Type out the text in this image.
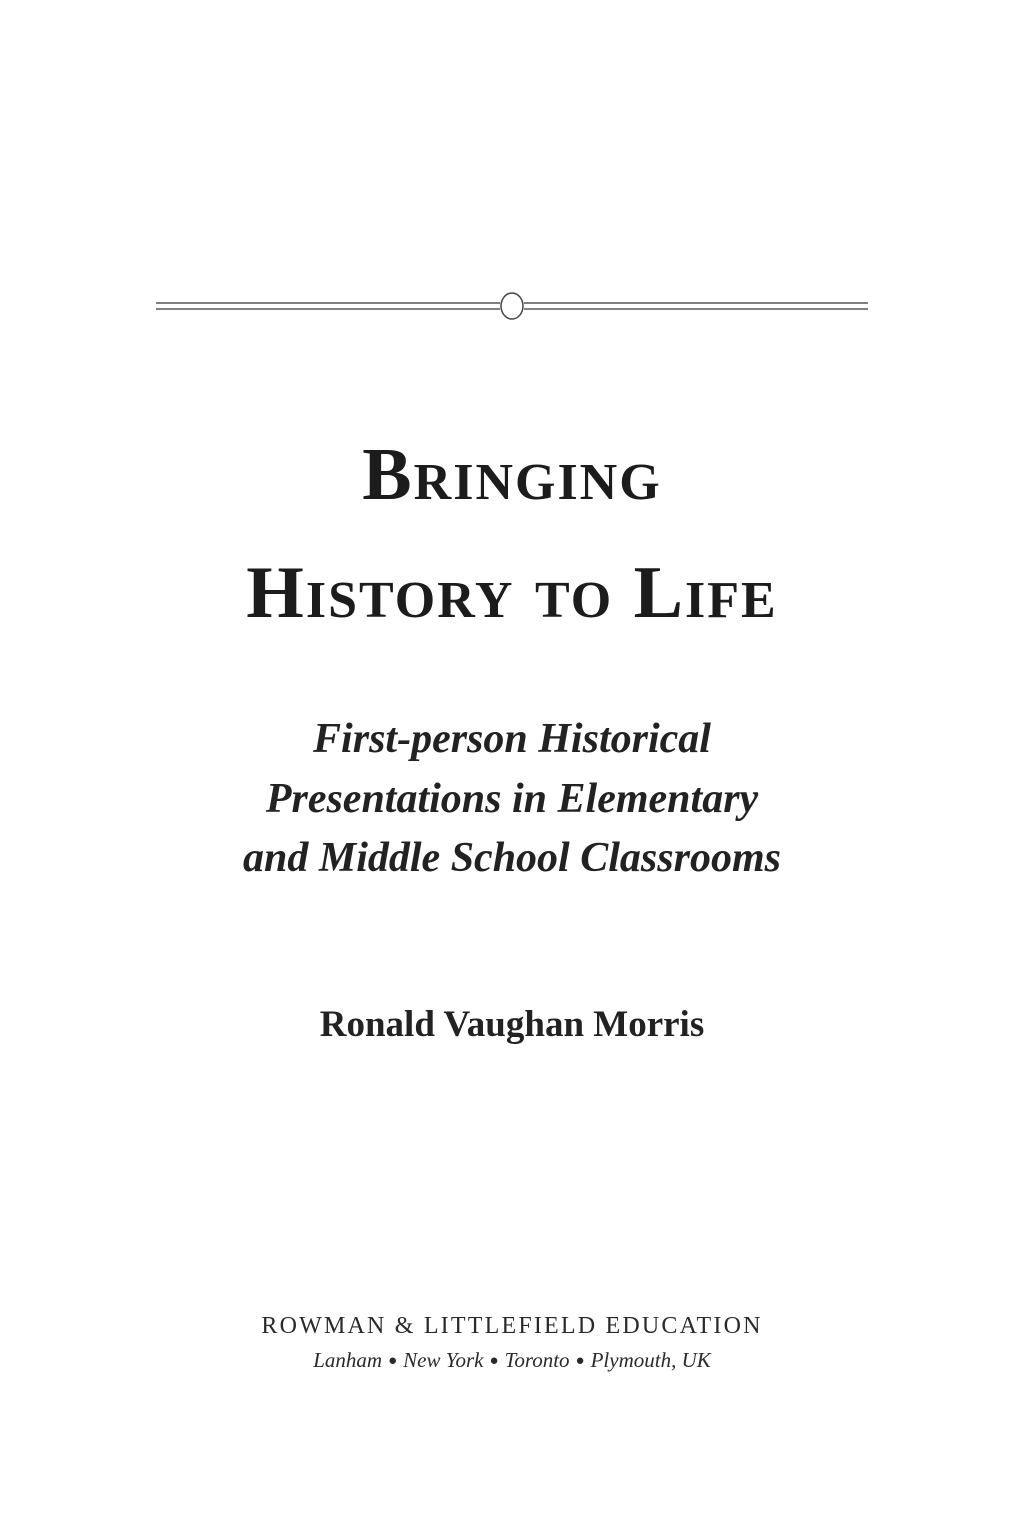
Bringing
History to Life
First-person Historical
Presentations in Elementary
and Middle School Classrooms
Ronald Vaughan Morris
ROWMAN & LITTLEFIELD EDUCATION
Lanham ● New York ● Toronto ● Plymouth, UK
